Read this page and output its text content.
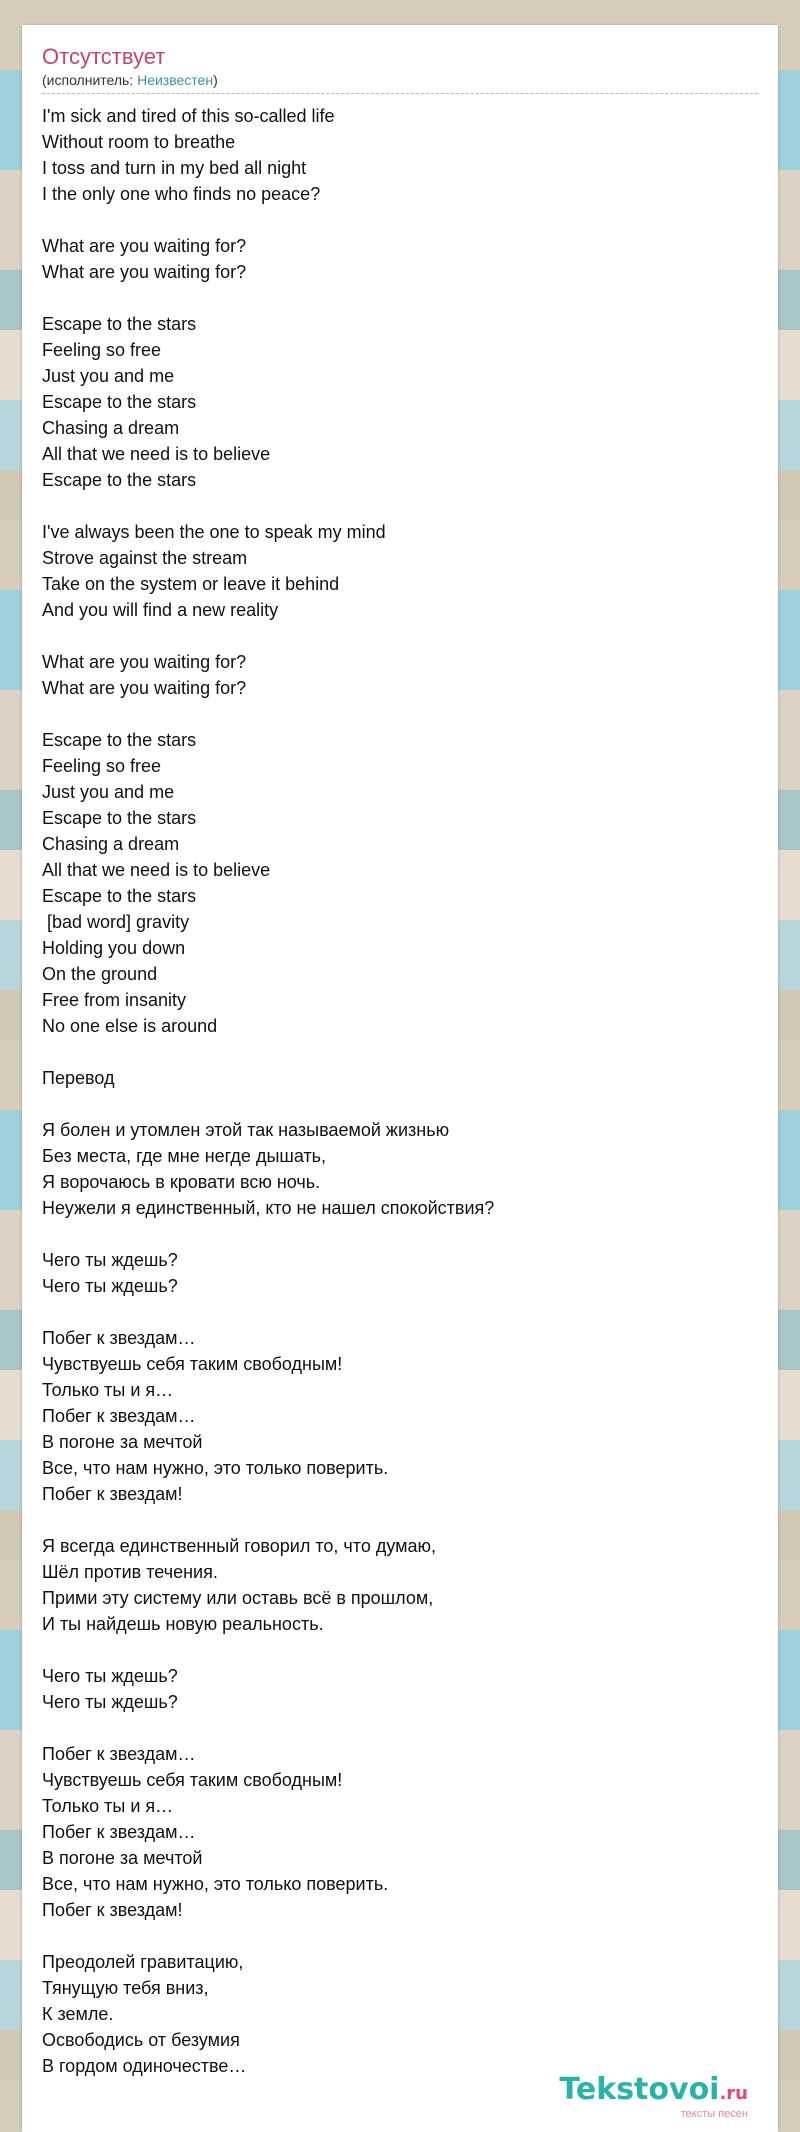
Отсутствует
(исполнитель: Неизвестен)
I'm sick and tired of this so-called life
Without room to breathe
I toss and turn in my bed all night
I the only one who finds no peace?
What are you waiting for?
What are you waiting for?
Escape to the stars
Feeling so free
Just you and me
Escape to the stars
Chasing a dream
All that we need is to believe
Escape to the stars
I've always been the one to speak my mind
Strove against the stream
Take on the system or leave it behind
And you will find a new reality
What are you waiting for?
What are you waiting for?
Escape to the stars
Feeling so free
Just you and me
Escape to the stars
Chasing a dream
All that we need is to believe
Escape to the stars
[bad word] gravity
Holding you down
On the ground
Free from insanity
No one else is around
Перевод
Я болен и утомлен этой так называемой жизнью
Без места, где мне негде дышать,
Я ворочаюсь в кровати всю ночь.
Неужели я единственный, кто не нашел спокойствия?
Чего ты ждешь?
Чего ты ждешь?
Побег к звездам…
Чувствуешь себя таким свободным!
Только ты и я…
Побег к звездам…
В погоне за мечтой
Все, что нам нужно, это только поверить.
Побег к звездам!
Я всегда единственный говорил то, что думаю,
Шёл против течения.
Прими эту систему или оставь всё в прошлом,
И ты найдешь новую реальность.
Чего ты ждешь?
Чего ты ждешь?
Побег к звездам…
Чувствуешь себя таким свободным!
Только ты и я…
Побег к звездам…
В погоне за мечтой
Все, что нам нужно, это только поверить.
Побег к звездам!
Преодолей гравитацию,
Тянущую тебя вниз,
К земле.
Освободись от безумия
В гордом одиночестве…
Tekstovoi.ru
тексты песен
